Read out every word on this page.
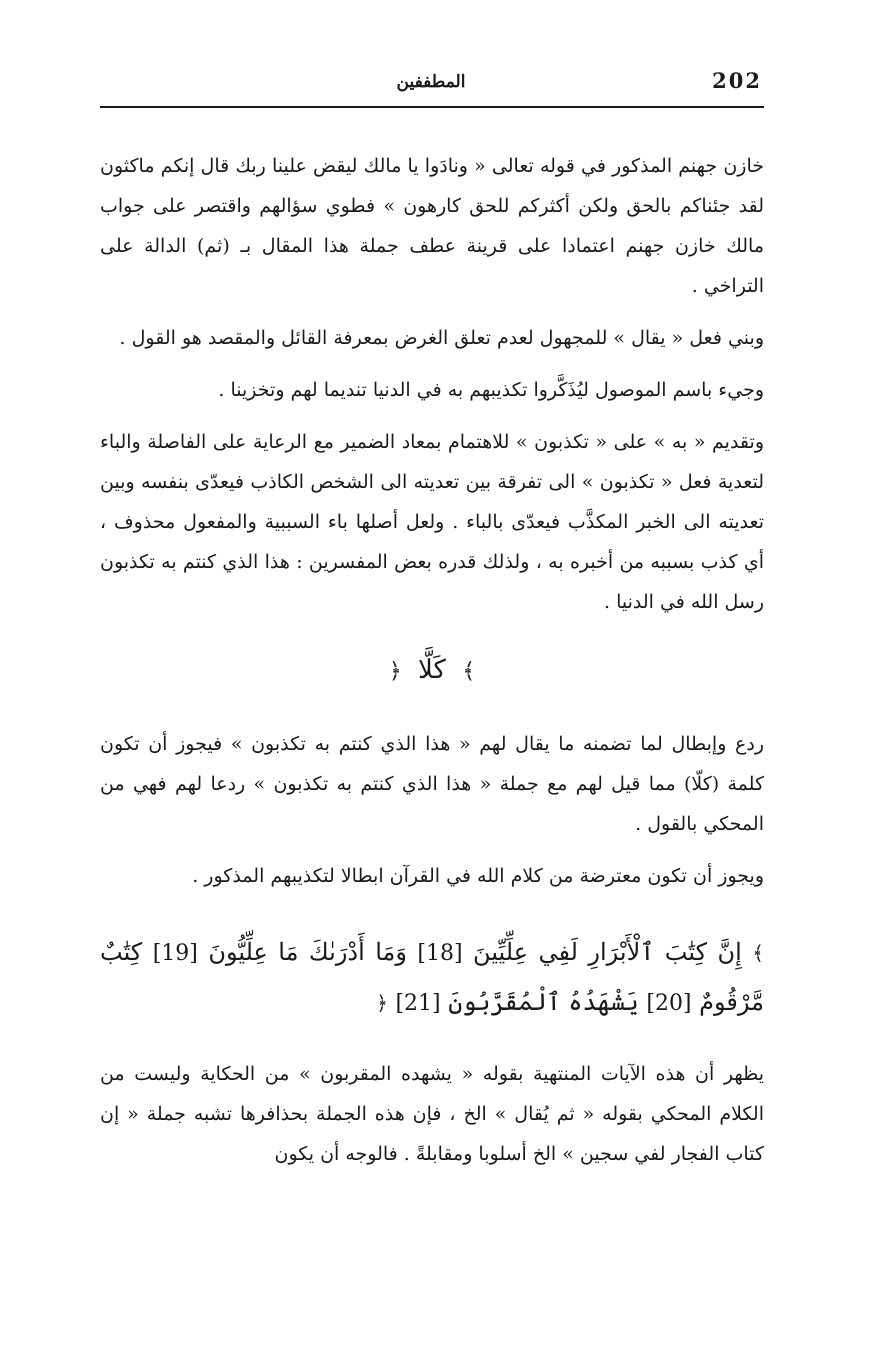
202
المطففين

خازن جهنم المذكور في قوله تعالى « ونادَوا يا مالك ليقض علينا ربك قال إنكم ماكثون لقد جئناكم بالحق ولكن أكثركم للحق كارهون » فطوي سؤالهم واقتصر على جواب مالك خازن جهنم اعتمادا على قرينة عطف جملة هذا المقال بـ (ثم) الدالة على التراخي .

وبني فعل « يقال » للمجهول لعدم تعلق الغرض بمعرفة القائل والمقصد هو القول .

وجيء باسم الموصول ليُذَكَّروا تكذيبهم به في الدنيا تنديما لهم وتخزينا .

وتقديم « به » على « تكذبون » للاهتمام بمعاد الضمير مع الرعاية على الفاصلة والباء لتعدية فعل « تكذبون » الى تفرقة بين تعديته الى الشخص الكاذب فيعدّى بنفسه وبين تعديته الى الخبر المكذَّب فيعدّى بالباء . ولعل أصلها باء السببية والمفعول محذوف ، أي كذب بسببه من أخبره به ، ولذلك قدره بعض المفسرين : هذا الذي كنتم به تكذبون رسل الله في الدنيا .

﴾ كَلَّا ﴿

ردع وإبطال لما تضمنه ما يقال لهم « هذا الذي كنتم به تكذبون » فيجوز أن تكون كلمة (كلّا) مما قيل لهم مع جملة « هذا الذي كنتم به تكذبون » ردعا لهم فهي من المحكي بالقول .

ويجوز أن تكون معترضة من كلام الله في القرآن ابطالا لتكذيبهم المذكور .

﴾ إِنَّ كِتَٰبَ ٱلْأَبْرَارِ لَفِي عِلِّيِّينَ [18] وَمَا أَدْرَىٰكَ مَا عِلِّيُّونَ [19] كِتَٰبٌ مَّرْقُومٌ [20] يَشْهَدُهُ ٱلْمُقَرَّبُونَ [21] ﴿

يظهر أن هذه الآيات المنتهية بقوله « يشهده المقربون » من الحكاية وليست من الكلام المحكي بقوله « ثم يُقال » الخ ، فإن هذه الجملة بحذافرها تشبه جملة « إن كتاب الفجار لفي سجين » الخ أسلوبا ومقابلةً . فالوجه أن يكون
